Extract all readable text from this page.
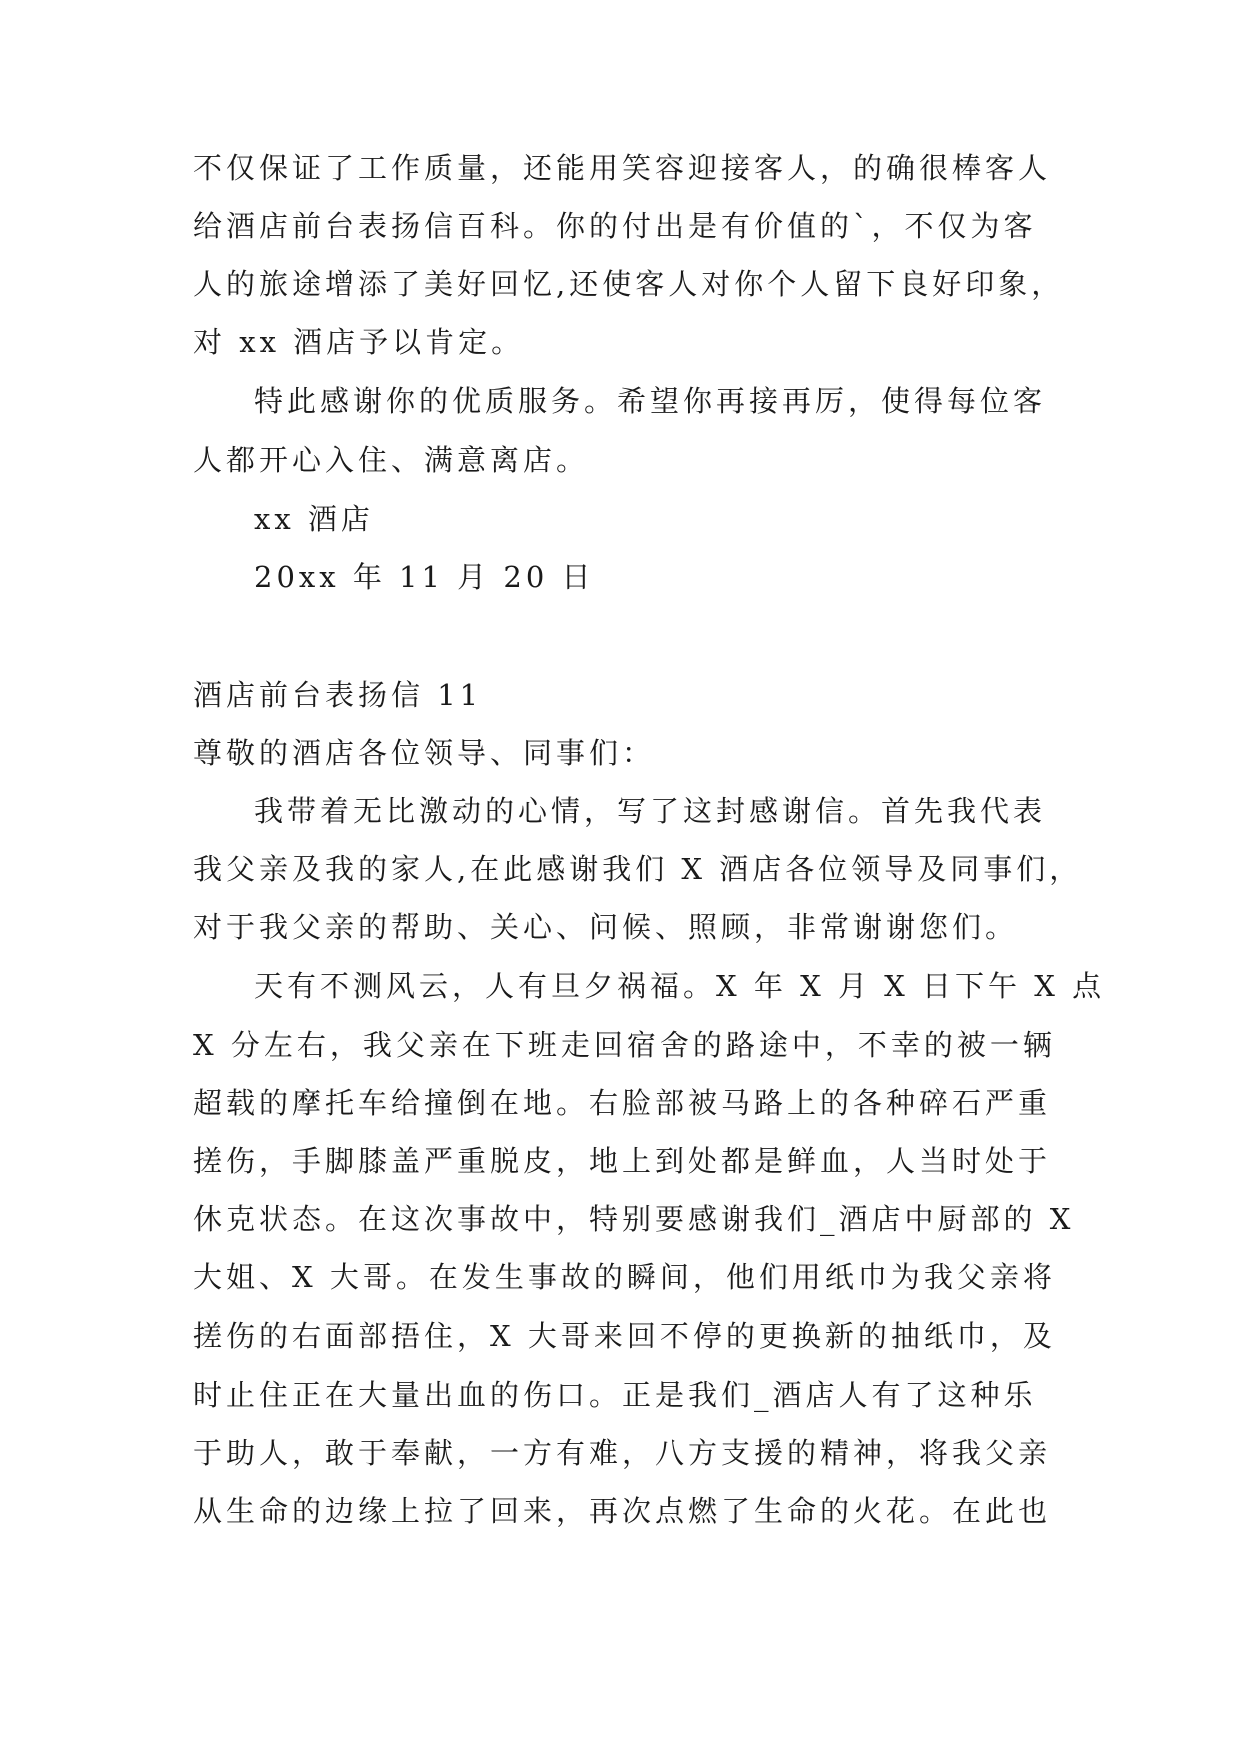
不仅保证了工作质量，还能用笑容迎接客人，的确很棒客人
给酒店前台表扬信百科。你的付出是有价值的`，不仅为客
人的旅途增添了美好回忆,还使客人对你个人留下良好印象，
对 xx 酒店予以肯定。
特此感谢你的优质服务。希望你再接再厉，使得每位客
人都开心入住、满意离店。
xx 酒店
20xx 年 11 月 20 日
酒店前台表扬信 11
尊敬的酒店各位领导、同事们：
我带着无比激动的心情，写了这封感谢信。首先我代表
我父亲及我的家人,在此感谢我们 X 酒店各位领导及同事们，
对于我父亲的帮助、关心、问候、照顾，非常谢谢您们。
天有不测风云，人有旦夕祸福。X 年 X 月 X 日下午 X 点
X 分左右，我父亲在下班走回宿舍的路途中，不幸的被一辆
超载的摩托车给撞倒在地。右脸部被马路上的各种碎石严重
搓伤，手脚膝盖严重脱皮，地上到处都是鲜血，人当时处于
休克状态。在这次事故中，特别要感谢我们_酒店中厨部的 X
大姐、X 大哥。在发生事故的瞬间，他们用纸巾为我父亲将
搓伤的右面部捂住，X 大哥来回不停的更换新的抽纸巾，及
时止住正在大量出血的伤口。正是我们_酒店人有了这种乐
于助人，敢于奉献，一方有难，八方支援的精神，将我父亲
从生命的边缘上拉了回来，再次点燃了生命的火花。在此也
